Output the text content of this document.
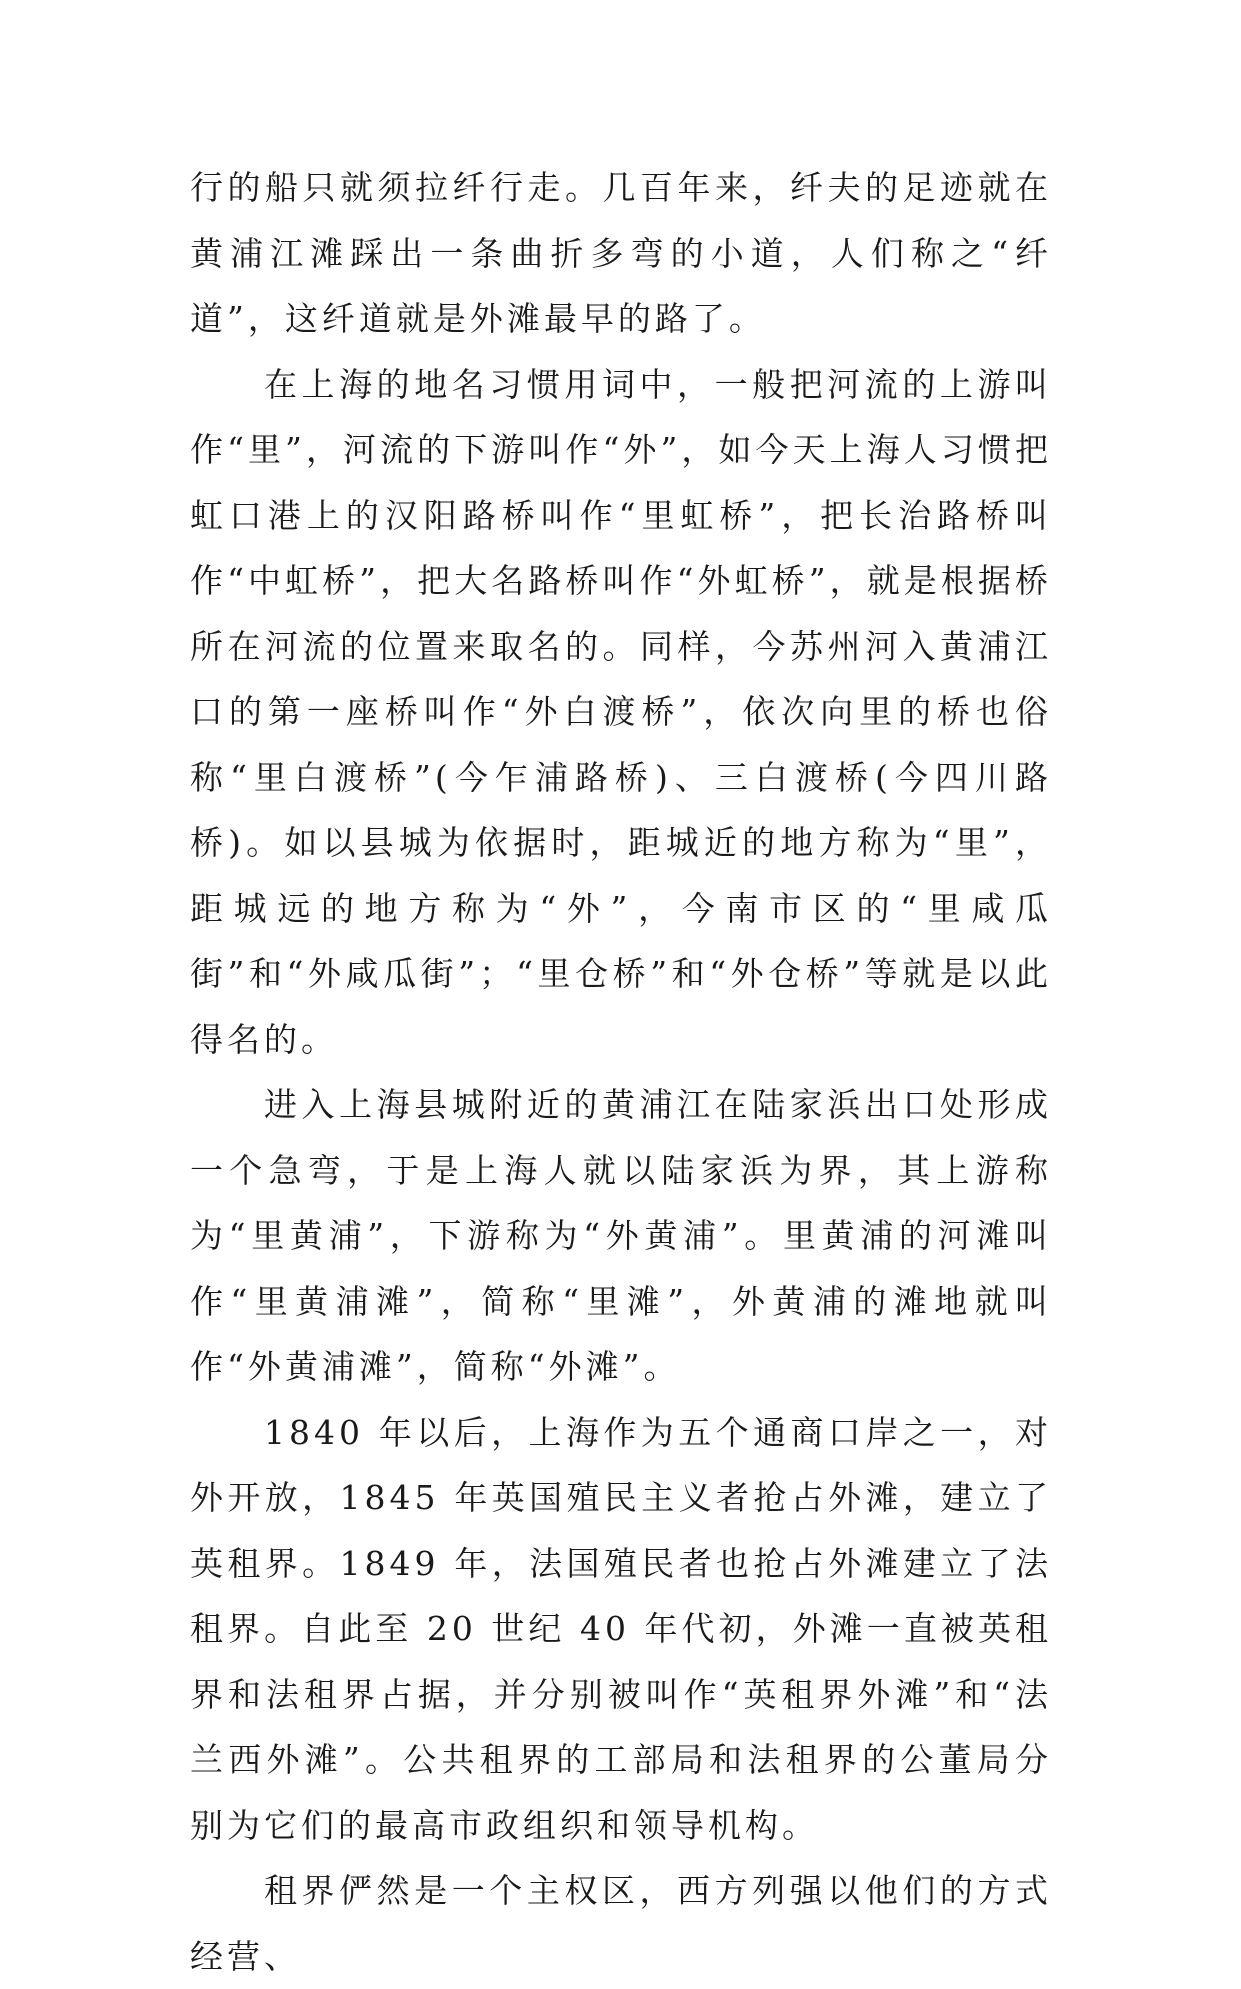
行的船只就须拉纤行走。几百年来，纤夫的足迹就在黄浦江滩踩出一条曲折多弯的小道，人们称之“纤道”，这纤道就是外滩最早的路了。

在上海的地名习惯用词中，一般把河流的上游叫作“里”，河流的下游叫作“外”，如今天上海人习惯把虹口港上的汉阳路桥叫作“里虹桥”，把长治路桥叫作“中虹桥”，把大名路桥叫作“外虹桥”，就是根据桥所在河流的位置来取名的。同样，今苏州河入黄浦江口的第一座桥叫作“外白渡桥”，依次向里的桥也俗称“里白渡桥”(今乍浦路桥)、三白渡桥(今四川路桥)。如以县城为依据时，距城近的地方称为“里”，距城远的地方称为“外”，今南市区的“里咸瓜街”和“外咸瓜街”；“里仓桥”和“外仓桥”等就是以此得名的。

进入上海县城附近的黄浦江在陆家浜出口处形成一个急弯，于是上海人就以陆家浜为界，其上游称为“里黄浦”，下游称为“外黄浦”。里黄浦的河滩叫作“里黄浦滩”，简称“里滩”，外黄浦的滩地就叫作“外黄浦滩”，简称“外滩”。

1840 年以后，上海作为五个通商口岸之一，对外开放，1845 年英国殖民主义者抢占外滩，建立了英租界。1849 年，法国殖民者也抢占外滩建立了法租界。自此至 20 世纪 40 年代初，外滩一直被英租界和法租界占据，并分别被叫作“英租界外滩”和“法兰西外滩”。公共租界的工部局和法租界的公董局分别为它们的最高市政组织和领导机构。

租界俨然是一个主权区，西方列强以他们的方式经营、
